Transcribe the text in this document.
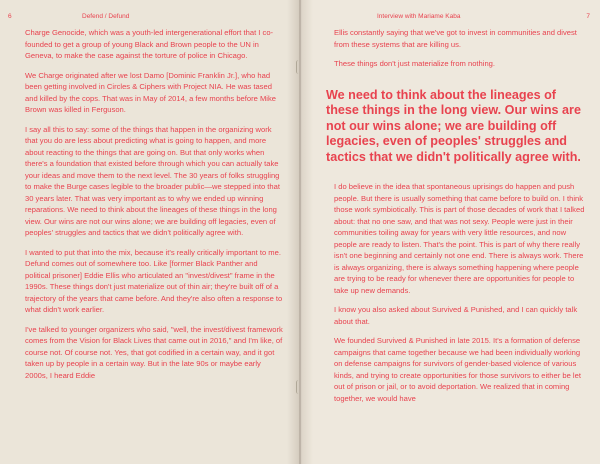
6	Defend / Defund

Charge Genocide, which was a youth-led intergenerational effort that I co-founded to get a group of young Black and Brown people to the UN in Geneva, to make the case against the torture of police in Chicago.

We Charge originated after we lost Damo [Dominic Franklin Jr.], who had been getting involved in Circles & Ciphers with Project NIA. He was tased and killed by the cops. That was in May of 2014, a few months before Mike Brown was killed in Ferguson.

I say all this to say: some of the things that happen in the organizing work that you do are less about predicting what is going to happen, and more about reacting to the things that are going on. But that only works when there's a foundation that existed before through which you can actually take your ideas and move them to the next level. The 30 years of folks struggling to make the Burge cases legible to the broader public—we stepped into that 30 years later. That was very important as to why we ended up winning reparations. We need to think about the lineages of these things in the long view. Our wins are not our wins alone; we are building off legacies, even of peoples' struggles and tactics that we didn't politically agree with.

I wanted to put that into the mix, because it's really critically important to me. Defund comes out of somewhere too. Like [former Black Panther and political prisoner] Eddie Ellis who articulated an "invest/divest" frame in the 1990s. These things don't just materialize out of thin air; they're built off of a trajectory of the years that came before. And they're also often a response to what didn't work earlier.

I've talked to younger organizers who said, "well, the invest/divest framework comes from the Vision for Black Lives that came out in 2016," and I'm like, of course not. Of course not. Yes, that got codified in a certain way, and it got taken up by people in a certain way. But in the late 90s or maybe early 2000s, I heard Eddie

Interview with Mariame Kaba	7

Ellis constantly saying that we've got to invest in communities and divest from these systems that are killing us.

These things don't just materialize from nothing.

We need to think about the lineages of these things in the long view. Our wins are not our wins alone; we are building off legacies, even of peoples' struggles and tactics that we didn't politically agree with.

I do believe in the idea that spontaneous uprisings do happen and push people. But there is usually something that came before to build on. I think those work symbiotically. This is part of those decades of work that I talked about: that no one saw, and that was not sexy. People were just in their communities toiling away for years with very little resources, and now people are ready to listen. That's the point. This is part of why there really isn't one beginning and certainly not one end. There is always work. There is always organizing, there is always something happening where people are trying to be ready for whenever there are opportunities for people to take up new demands.

I know you also asked about Survived & Punished, and I can quickly talk about that.

We founded Survived & Punished in late 2015. It's a formation of defense campaigns that came together because we had been individually working on defense campaigns for survivors of gender-based violence of various kinds, and trying to create opportunities for those survivors to either be let out of prison or jail, or to avoid deportation. We realized that in coming together, we would have
